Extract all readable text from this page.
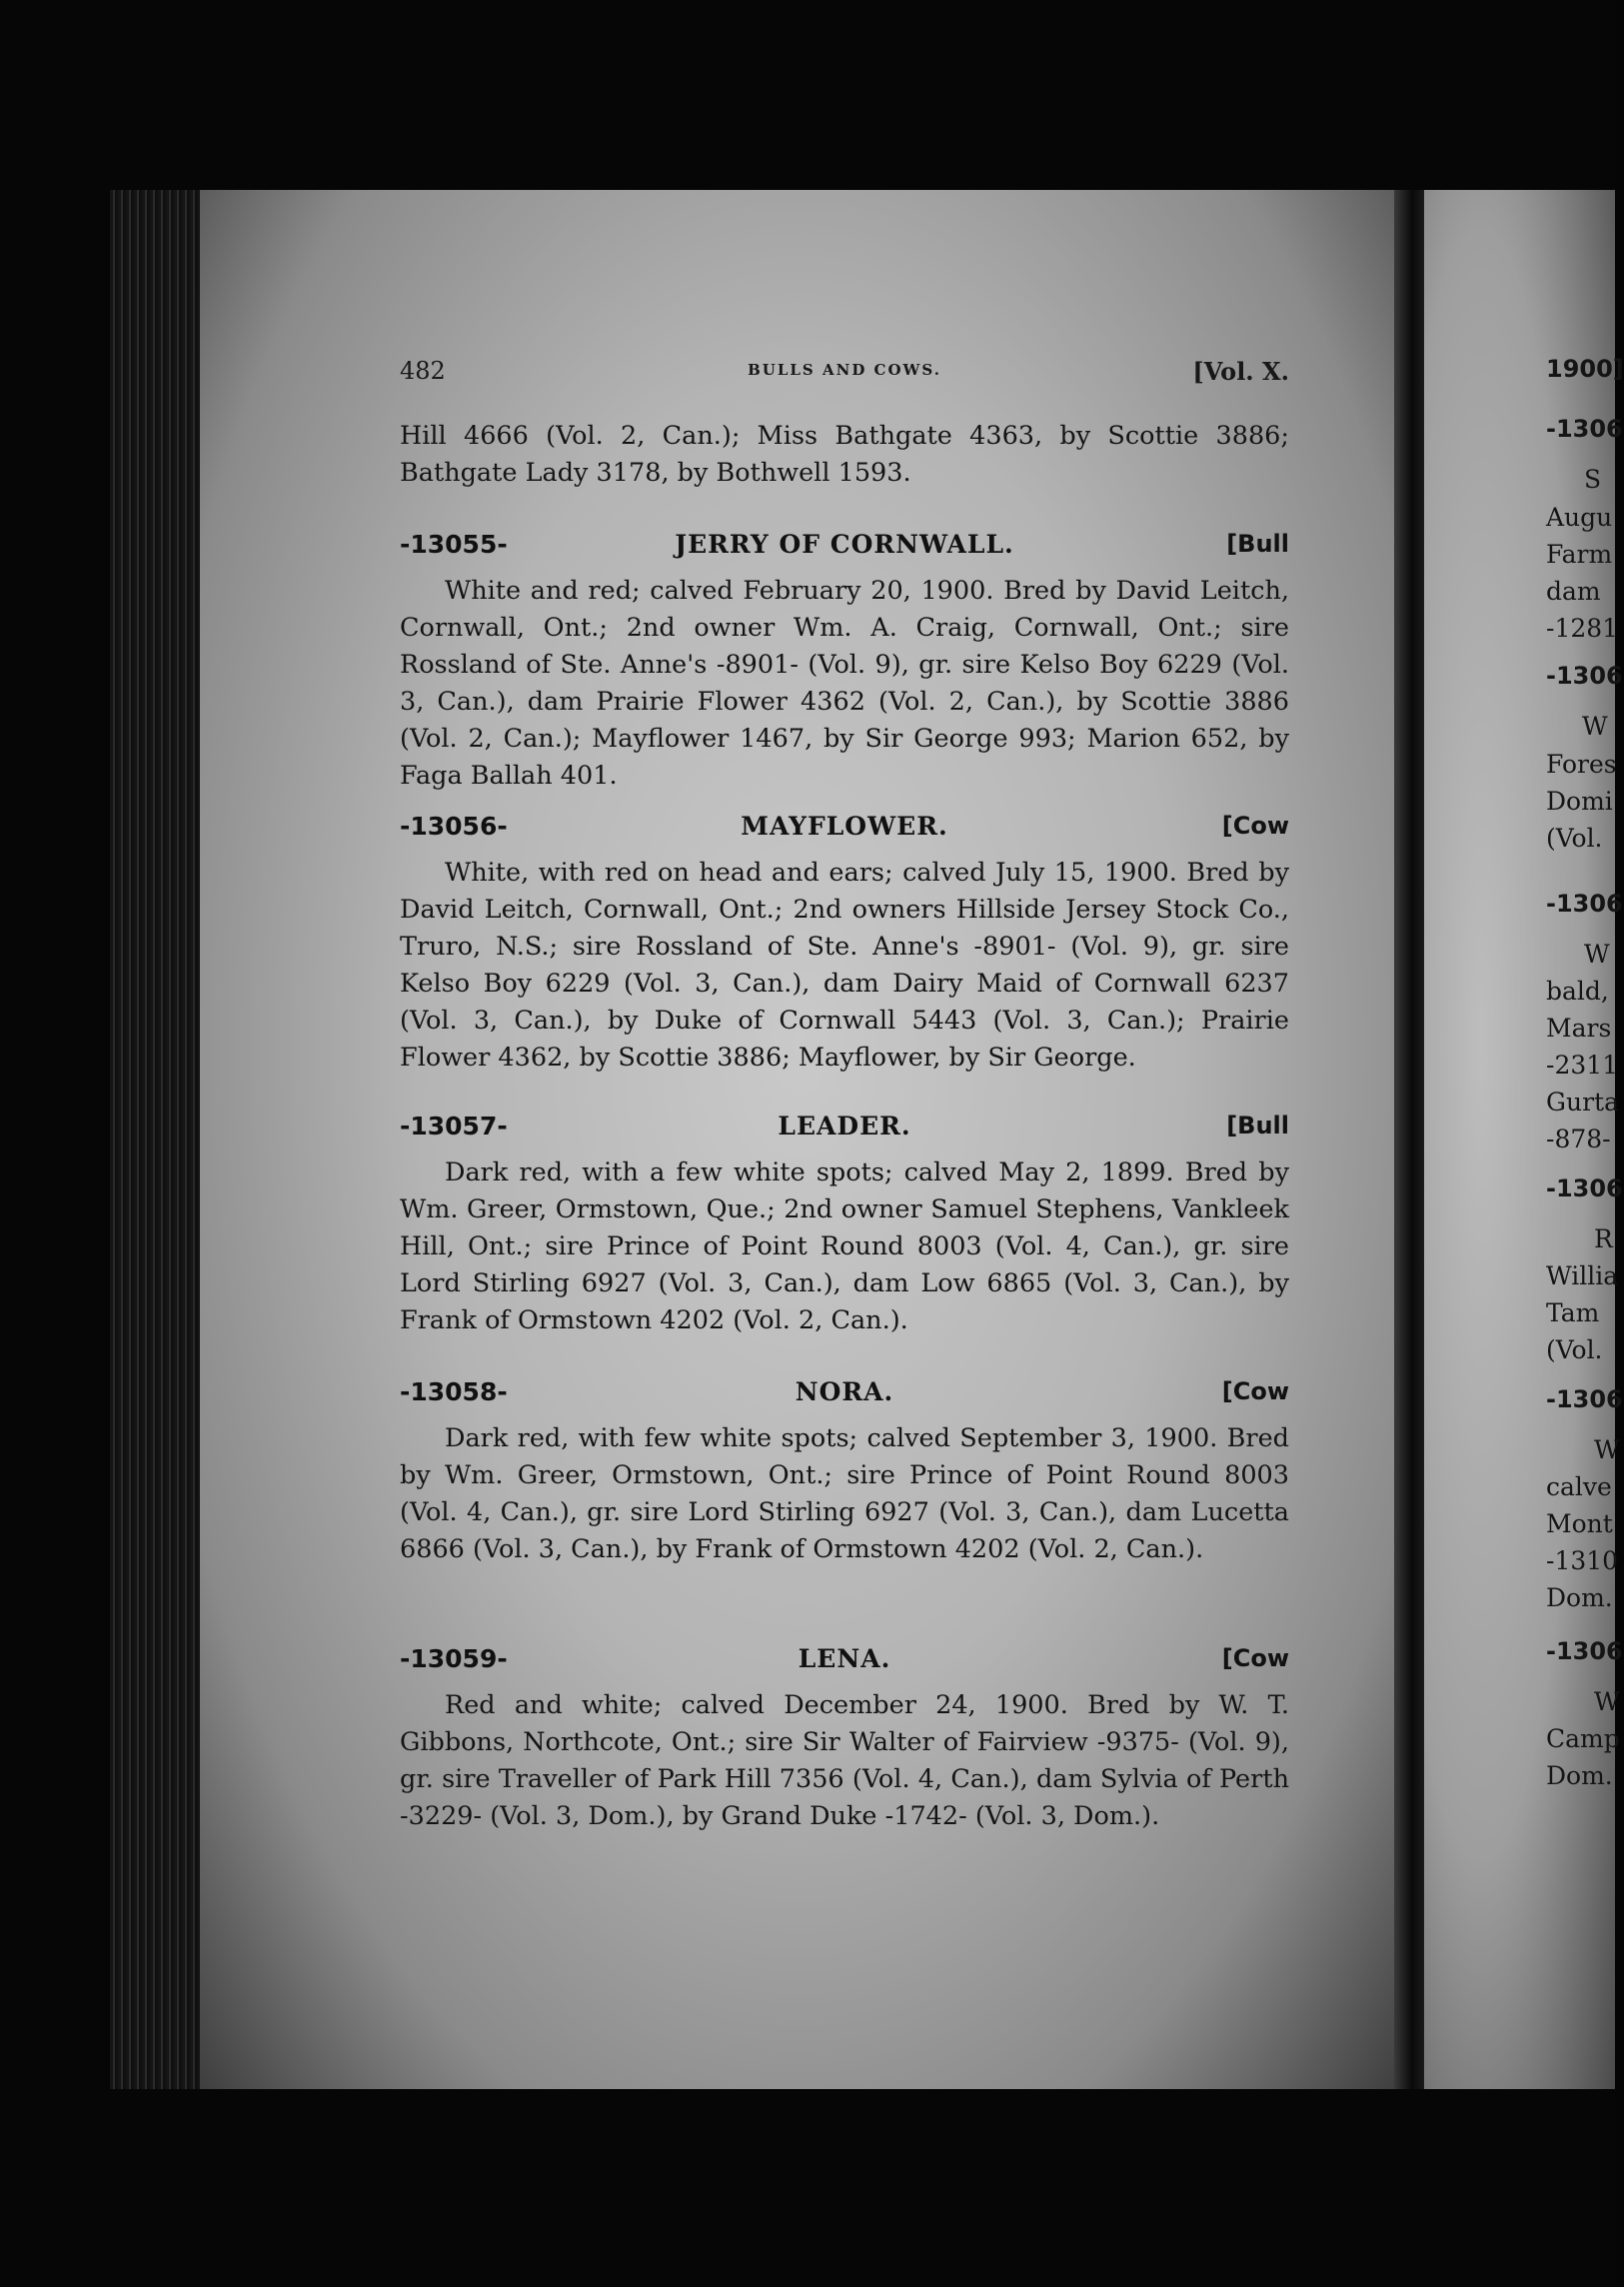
1900]
-1306
S
Augu
Farm
dam
-1281
-1306
W
Fores
Domi
(Vol.
-1306
W
bald,
Mars
-2311
Gurta
-878-
-1306
R
Willia
Tam
(Vol.
-1306
W
calve
Mont
-1310
Dom.
-1306
W
Camp
Dom.
482	BULLS AND COWS.	[Vol. X.
Hill 4666 (Vol. 2, Can.); Miss Bathgate 4363, by Scottie 3886; Bathgate Lady 3178, by Bothwell 1593.
-13055-	JERRY OF CORNWALL.	[Bull
White and red; calved February 20, 1900. Bred by David Leitch, Cornwall, Ont.; 2nd owner Wm. A. Craig, Cornwall, Ont.; sire Rossland of Ste. Anne's -8901- (Vol. 9), gr. sire Kelso Boy 6229 (Vol. 3, Can.), dam Prairie Flower 4362 (Vol. 2, Can.), by Scottie 3886 (Vol. 2, Can.); Mayflower 1467, by Sir George 993; Marion 652, by Faga Ballah 401.
-13056-	MAYFLOWER.	[Cow
White, with red on head and ears; calved July 15, 1900. Bred by David Leitch, Cornwall, Ont.; 2nd owners Hillside Jersey Stock Co., Truro, N.S.; sire Rossland of Ste. Anne's -8901- (Vol. 9), gr. sire Kelso Boy 6229 (Vol. 3, Can.), dam Dairy Maid of Cornwall 6237 (Vol. 3, Can.), by Duke of Cornwall 5443 (Vol. 3, Can.); Prairie Flower 4362, by Scottie 3886; Mayflower, by Sir George.
-13057-	LEADER.	[Bull
Dark red, with a few white spots; calved May 2, 1899. Bred by Wm. Greer, Ormstown, Que.; 2nd owner Samuel Stephens, Vankleek Hill, Ont.; sire Prince of Point Round 8003 (Vol. 4, Can.), gr. sire Lord Stirling 6927 (Vol. 3, Can.), dam Low 6865 (Vol. 3, Can.), by Frank of Ormstown 4202 (Vol. 2, Can.).
-13058-	NORA.	[Cow
Dark red, with few white spots; calved September 3, 1900. Bred by Wm. Greer, Ormstown, Ont.; sire Prince of Point Round 8003 (Vol. 4, Can.), gr. sire Lord Stirling 6927 (Vol. 3, Can.), dam Lucetta 6866 (Vol. 3, Can.), by Frank of Ormstown 4202 (Vol. 2, Can.).
-13059-	LENA.	[Cow
Red and white; calved December 24, 1900. Bred by W. T. Gibbons, Northcote, Ont.; sire Sir Walter of Fairview -9375- (Vol. 9), gr. sire Traveller of Park Hill 7356 (Vol. 4, Can.), dam Sylvia of Perth -3229- (Vol. 3, Dom.), by Grand Duke -1742- (Vol. 3, Dom.).
